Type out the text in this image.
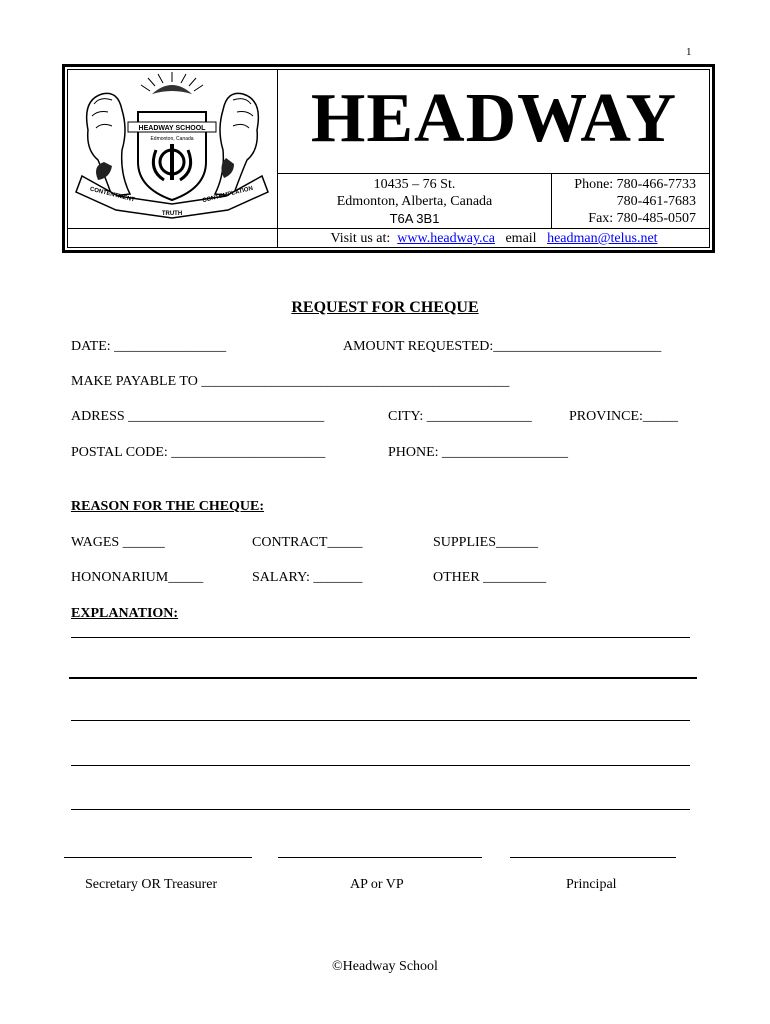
1
HEADWAY SCHOOL
Edmonton, Canada
CONTENTMENT	CONTEMPLATION
TRUTH
HEADWAY
10435 – 76 St.
Edmonton, Alberta, Canada
T6A 3B1
Phone: 780-466-7733
780-461-7683
Fax: 780-485-0507
Visit us at: www.headway.ca email headman@telus.net
REQUEST FOR CHEQUE
DATE: ________________	AMOUNT REQUESTED:________________________
MAKE PAYABLE TO ____________________________________________
ADRESS ____________________________	CITY: _______________	PROVINCE:_____
POSTAL CODE: ______________________	PHONE: __________________
REASON FOR THE CHEQUE:
WAGES ______	CONTRACT_____	SUPPLIES______
HONONARIUM_____	SALARY: _______	OTHER _________
EXPLANATION:
Secretary OR Treasurer	AP or VP	Principal
©Headway School
